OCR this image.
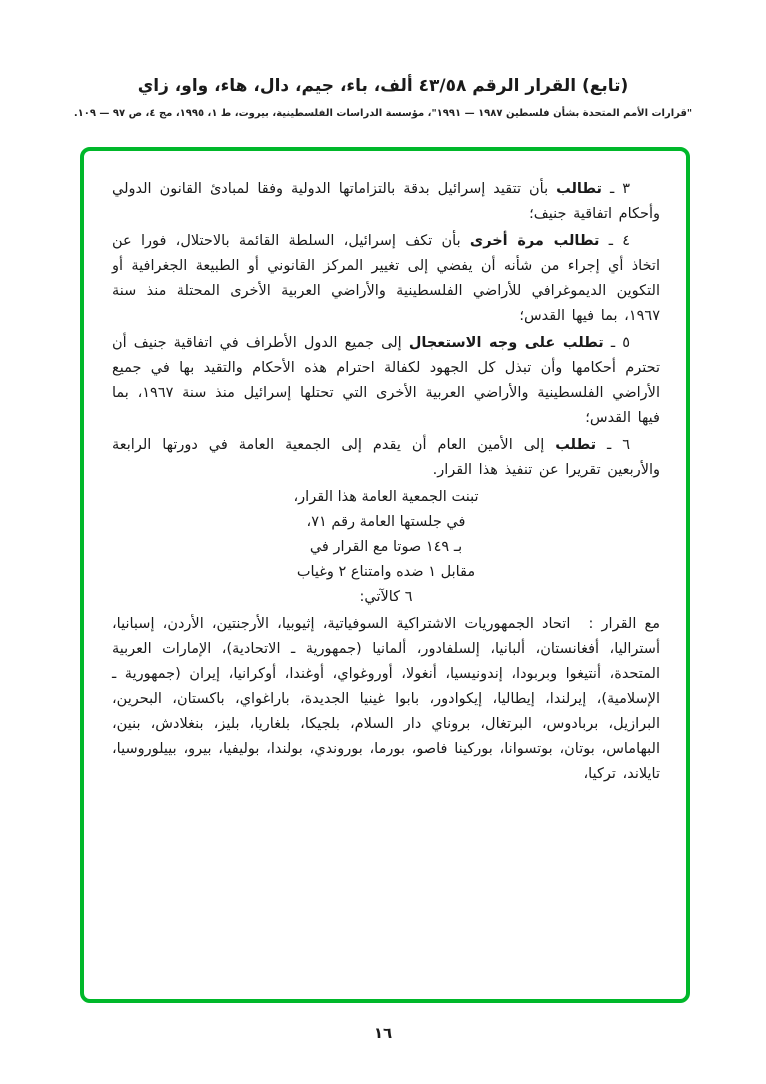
(تابع) القرار الرقم ٤٣/٥٨ ألف، باء، جيم، دال، هاء، واو، زاي
"قرارات الأمم المتحدة بشأن فلسطين ١٩٨٧ — ١٩٩١"، مؤسسة الدراسات الفلسطينية، بيروت، ط ١، ١٩٩٥، مج ٤، ص ٩٧ — ١٠٩.

٣ ـ تطالب بأن تتقيد إسرائيل بدقة بالتزاماتها الدولية وفقا لمبادئ القانون الدولي وأحكام اتفاقية جنيف؛

٤ ـ تطالب مرة أخرى بأن تكف إسرائيل، السلطة القائمة بالاحتلال، فورا عن اتخاذ أي إجراء من شأنه أن يفضي إلى تغيير المركز القانوني أو الطبيعة الجغرافية أو التكوين الديموغرافي للأراضي الفلسطينية والأراضي العربية الأخرى المحتلة منذ سنة ١٩٦٧، بما فيها القدس؛

٥ ـ تطلب على وجه الاستعجال إلى جميع الدول الأطراف في اتفاقية جنيف أن تحترم أحكامها وأن تبذل كل الجهود لكفالة احترام هذه الأحكام والتقيد بها في جميع الأراضي الفلسطينية والأراضي العربية الأخرى التي تحتلها إسرائيل منذ سنة ١٩٦٧، بما فيها القدس؛

٦ ـ تطلب إلى الأمين العام أن يقدم إلى الجمعية العامة في دورتها الرابعة والأربعين تقريرا عن تنفيذ هذا القرار.

تبنت الجمعية العامة هذا القرار،
في جلستها العامة رقم ٧١،
بـ ١٤٩ صوتا مع القرار في
مقابل ١ ضده وامتناع ٢ وغياب
٦ كالآتي:

مع القرار : اتحاد الجمهوريات الاشتراكية السوفياتية، إثيوبيا، الأرجنتين، الأردن، إسبانيا، أستراليا، أفغانستان، ألبانيا، إلسلفادور، ألمانيا (جمهورية ـ الاتحادية)، الإمارات العربية المتحدة، أنتيغوا وبربودا، إندونيسيا، أنغولا، أوروغواي، أوغندا، أوكرانيا، إيران (جمهورية ـ الإسلامية)، إيرلندا، إيطاليا، إيكوادور، بابوا غينيا الجديدة، باراغواي، باكستان، البحرين، البرازيل، بربادوس، البرتغال، بروناي دار السلام، بلجيكا، بلغاريا، بليز، بنغلادش، بنين، البهاماس، بوتان، بوتسوانا، بوركينا فاصو، بورما، بوروندي، بولندا، بوليفيا، بيرو، بييلوروسيا، تايلاند، تركيا،

١٦
